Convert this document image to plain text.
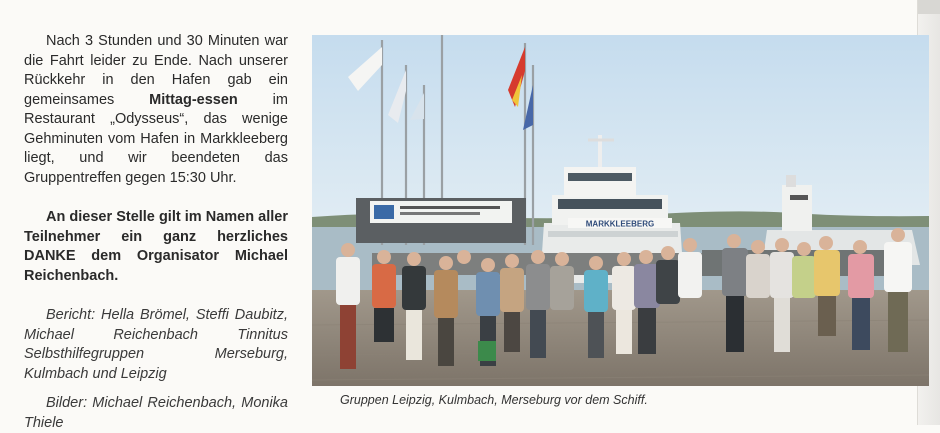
Nach 3 Stunden und 30 Minuten war die Fahrt leider zu Ende. Nach unserer Rückkehr in den Hafen gab ein gemeinsames Mittag-essen im Restaurant „Odysseus“, das wenige Gehminuten vom Hafen in Markkleeberg liegt, und wir beendeten das Gruppentreffen gegen 15:30 Uhr.

An dieser Stelle gilt im Namen aller Teilnehmer ein ganz herzliches DANKE dem Organisator Michael Reichenbach.

Bericht: Hella Brömel, Steffi Daubitz, Michael Reichenbach Tinnitus Selbsthilfegruppen Merseburg, Kulmbach und Leipzig

Bilder: Michael Reichenbach, Monika Thiele

MARKKLEEBERG
Gruppen Leipzig, Kulmbach, Merseburg vor dem Schiff.
